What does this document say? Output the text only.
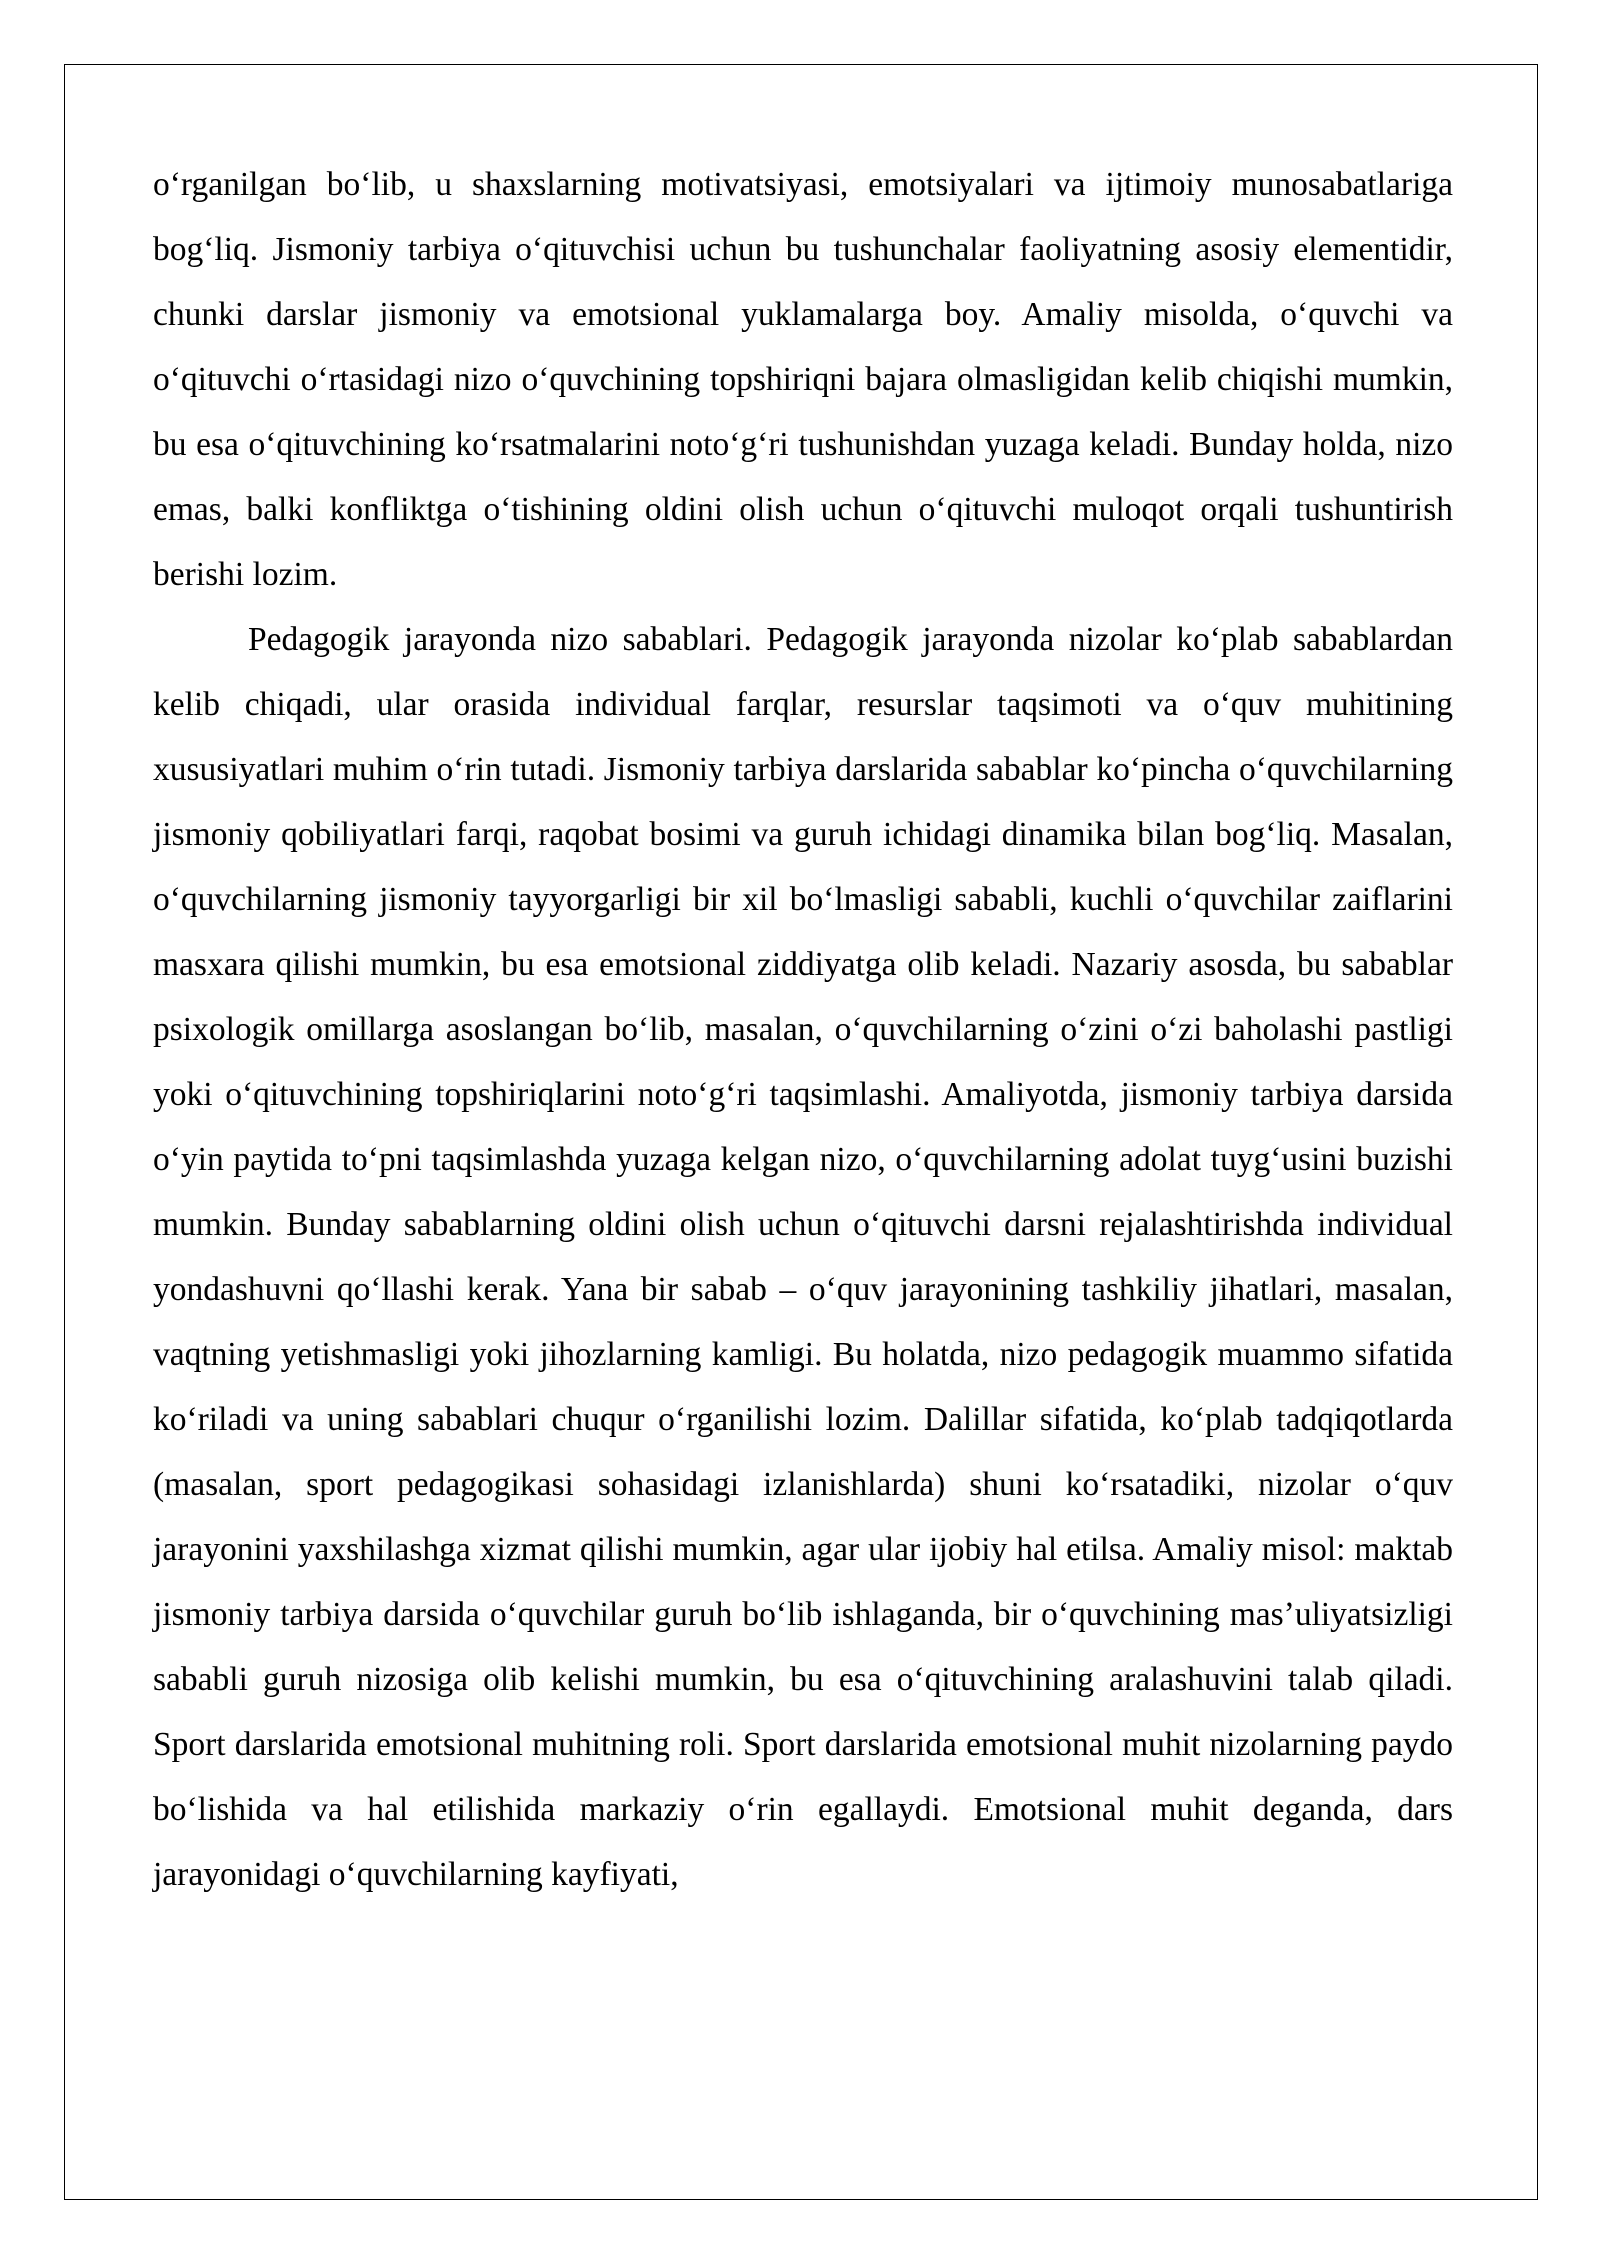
oʻrganilgan boʻlib, u shaxslarning motivatsiyasi, emotsiyalari va ijtimoiy munosabatlariga bogʻliq. Jismoniy tarbiya oʻqituvchisi uchun bu tushunchalar faoliyatning asosiy elementidir, chunki darslar jismoniy va emotsional yuklamalarga boy. Amaliy misolda, oʻquvchi va oʻqituvchi oʻrtasidagi nizo oʻquvchining topshiriqni bajara olmasligidan kelib chiqishi mumkin, bu esa oʻqituvchining koʻrsatmalarini notoʻgʻri tushunishdan yuzaga keladi. Bunday holda, nizo emas, balki konfliktga oʻtishining oldini olish uchun oʻqituvchi muloqot orqali tushuntirish berishi lozim.

Pedagogik jarayonda nizo sabablari. Pedagogik jarayonda nizolar koʻplab sabablardan kelib chiqadi, ular orasida individual farqlar, resurslar taqsimoti va oʻquv muhitining xususiyatlari muhim oʻrin tutadi. Jismoniy tarbiya darslarida sabablar koʻpincha oʻquvchilarning jismoniy qobiliyatlari farqi, raqobat bosimi va guruh ichidagi dinamika bilan bogʻliq. Masalan, oʻquvchilarning jismoniy tayyorgarligi bir xil boʻlmasligi sababli, kuchli oʻquvchilar zaiflarini masxara qilishi mumkin, bu esa emotsional ziddiyatga olib keladi. Nazariy asosda, bu sabablar psixologik omillarga asoslangan boʻlib, masalan, oʻquvchilarning oʻzini oʻzi baholashi pastligi yoki oʻqituvchining topshiriqlarini notoʻgʻri taqsimlashi. Amaliyotda, jismoniy tarbiya darsida oʻyin paytida toʻpni taqsimlashda yuzaga kelgan nizo, oʻquvchilarning adolat tuygʻusini buzishi mumkin. Bunday sabablarning oldini olish uchun oʻqituvchi darsni rejalashtirishda individual yondashuvni qoʻllashi kerak. Yana bir sabab – oʻquv jarayonining tashkiliy jihatlari, masalan, vaqtning yetishmasligi yoki jihozlarning kamligi. Bu holatda, nizo pedagogik muammo sifatida koʻriladi va uning sabablari chuqur oʻrganilishi lozim. Dalillar sifatida, koʻplab tadqiqotlarda (masalan, sport pedagogikasi sohasidagi izlanishlarda) shuni koʻrsatadiki, nizolar oʻquv jarayonini yaxshilashga xizmat qilishi mumkin, agar ular ijobiy hal etilsa. Amaliy misol: maktab jismoniy tarbiya darsida oʻquvchilar guruh boʻlib ishlaganda, bir oʻquvchining masʼuliyatsizligi sababli guruh nizosiga olib kelishi mumkin, bu esa oʻqituvchining aralashuvini talab qiladi. Sport darslarida emotsional muhitning roli. Sport darslarida emotsional muhit nizolarning paydo boʻlishida va hal etilishida markaziy oʻrin egallaydi. Emotsional muhit deganda, dars jarayonidagi oʻquvchilarning kayfiyati,
